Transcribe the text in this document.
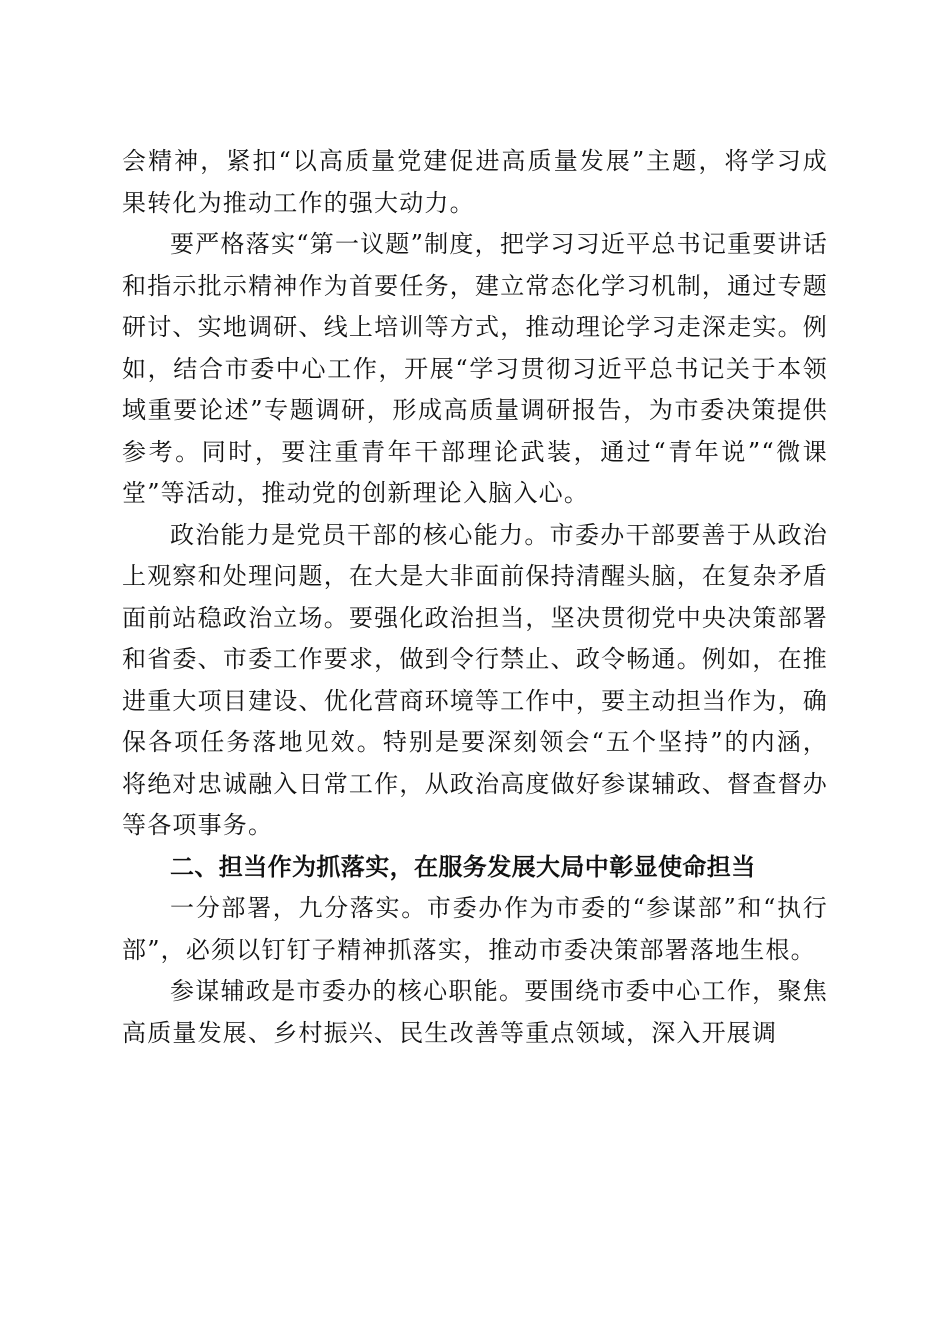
会精神，紧扣“以高质量党建促进高质量发展”主题，将学习成果转化为推动工作的强大动力。

要严格落实“第一议题”制度，把学习习近平总书记重要讲话和指示批示精神作为首要任务，建立常态化学习机制，通过专题研讨、实地调研、线上培训等方式，推动理论学习走深走实。例如，结合市委中心工作，开展“学习贯彻习近平总书记关于本领域重要论述”专题调研，形成高质量调研报告，为市委决策提供参考。同时，要注重青年干部理论武装，通过“青年说”“微课堂”等活动，推动党的创新理论入脑入心。

政治能力是党员干部的核心能力。市委办干部要善于从政治上观察和处理问题，在大是大非面前保持清醒头脑，在复杂矛盾面前站稳政治立场。要强化政治担当，坚决贯彻党中央决策部署和省委、市委工作要求，做到令行禁止、政令畅通。例如，在推进重大项目建设、优化营商环境等工作中，要主动担当作为，确保各项任务落地见效。特别是要深刻领会“五个坚持”的内涵，将绝对忠诚融入日常工作，从政治高度做好参谋辅政、督查督办等各项事务。

二、担当作为抓落实，在服务发展大局中彰显使命担当

一分部署，九分落实。市委办作为市委的“参谋部”和“执行部”，必须以钉钉子精神抓落实，推动市委决策部署落地生根。

参谋辅政是市委办的核心职能。要围绕市委中心工作，聚焦高质量发展、乡村振兴、民生改善等重点领域，深入开展调
